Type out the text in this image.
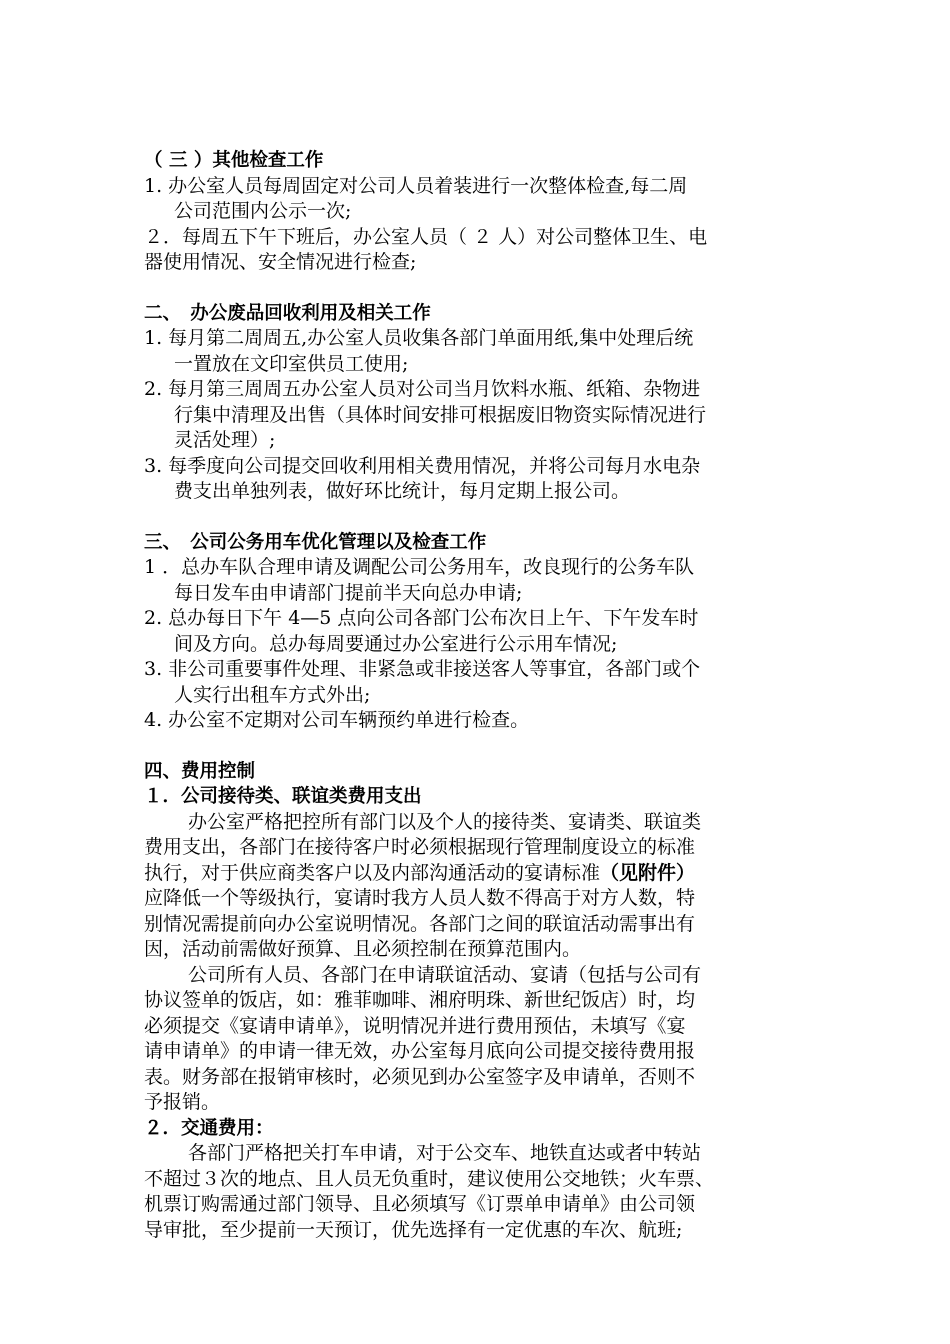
（ 三 ）其他检查工作
1. 办公室人员每周固定对公司人员着装进行一次整体检查,每二周
公司范围内公示一次;
２．每周五下午下班后，办公室人员（ ２ 人）对公司整体卫生、电
器使用情况、安全情况进行检查;
二、　办公废品回收利用及相关工作
1. 每月第二周周五,办公室人员收集各部门单面用纸,集中处理后统
一置放在文印室供员工使用;
2. 每月第三周周五办公室人员对公司当月饮料水瓶、纸箱、杂物进
行集中清理及出售（具体时间安排可根据废旧物资实际情况进行
灵活处理）;
3. 每季度向公司提交回收利用相关费用情况，并将公司每月水电杂
费支出单独列表，做好环比统计，每月定期上报公司。
三、　公司公务用车优化管理以及检查工作
1 ．总办车队合理申请及调配公司公务用车，改良现行的公务车队
每日发车由申请部门提前半天向总办申请;
2. 总办每日下午 4—5 点向公司各部门公布次日上午、下午发车时
间及方向。总办每周要通过办公室进行公示用车情况;
3. 非公司重要事件处理、非紧急或非接送客人等事宜，各部门或个
人实行出租车方式外出;
4. 办公室不定期对公司车辆预约单进行检查。
四、费用控制
１．公司接待类、联谊类费用支出
办公室严格把控所有部门以及个人的接待类、宴请类、联谊类
费用支出，各部门在接待客户时必须根据现行管理制度设立的标准
执行，对于供应商类客户以及内部沟通活动的宴请标准（见附件）
应降低一个等级执行，宴请时我方人员人数不得高于对方人数，特
别情况需提前向办公室说明情况。各部门之间的联谊活动需事出有
因，活动前需做好预算、且必须控制在预算范围内。
公司所有人员、各部门在申请联谊活动、宴请（包括与公司有
协议签单的饭店，如：雅菲咖啡、湘府明珠、新世纪饭店）时，均
必须提交《宴请申请单》，说明情况并进行费用预估，未填写《宴
请申请单》的申请一律无效，办公室每月底向公司提交接待费用报
表。财务部在报销审核时，必须见到办公室签字及申请单，否则不
予报销。
２．交通费用：
各部门严格把关打车申请，对于公交车、地铁直达或者中转站
不超过３次的地点、且人员无负重时，建议使用公交地铁；火车票、
机票订购需通过部门领导、且必须填写《订票单申请单》由公司领
导审批，至少提前一天预订，优先选择有一定优惠的车次、航班;
